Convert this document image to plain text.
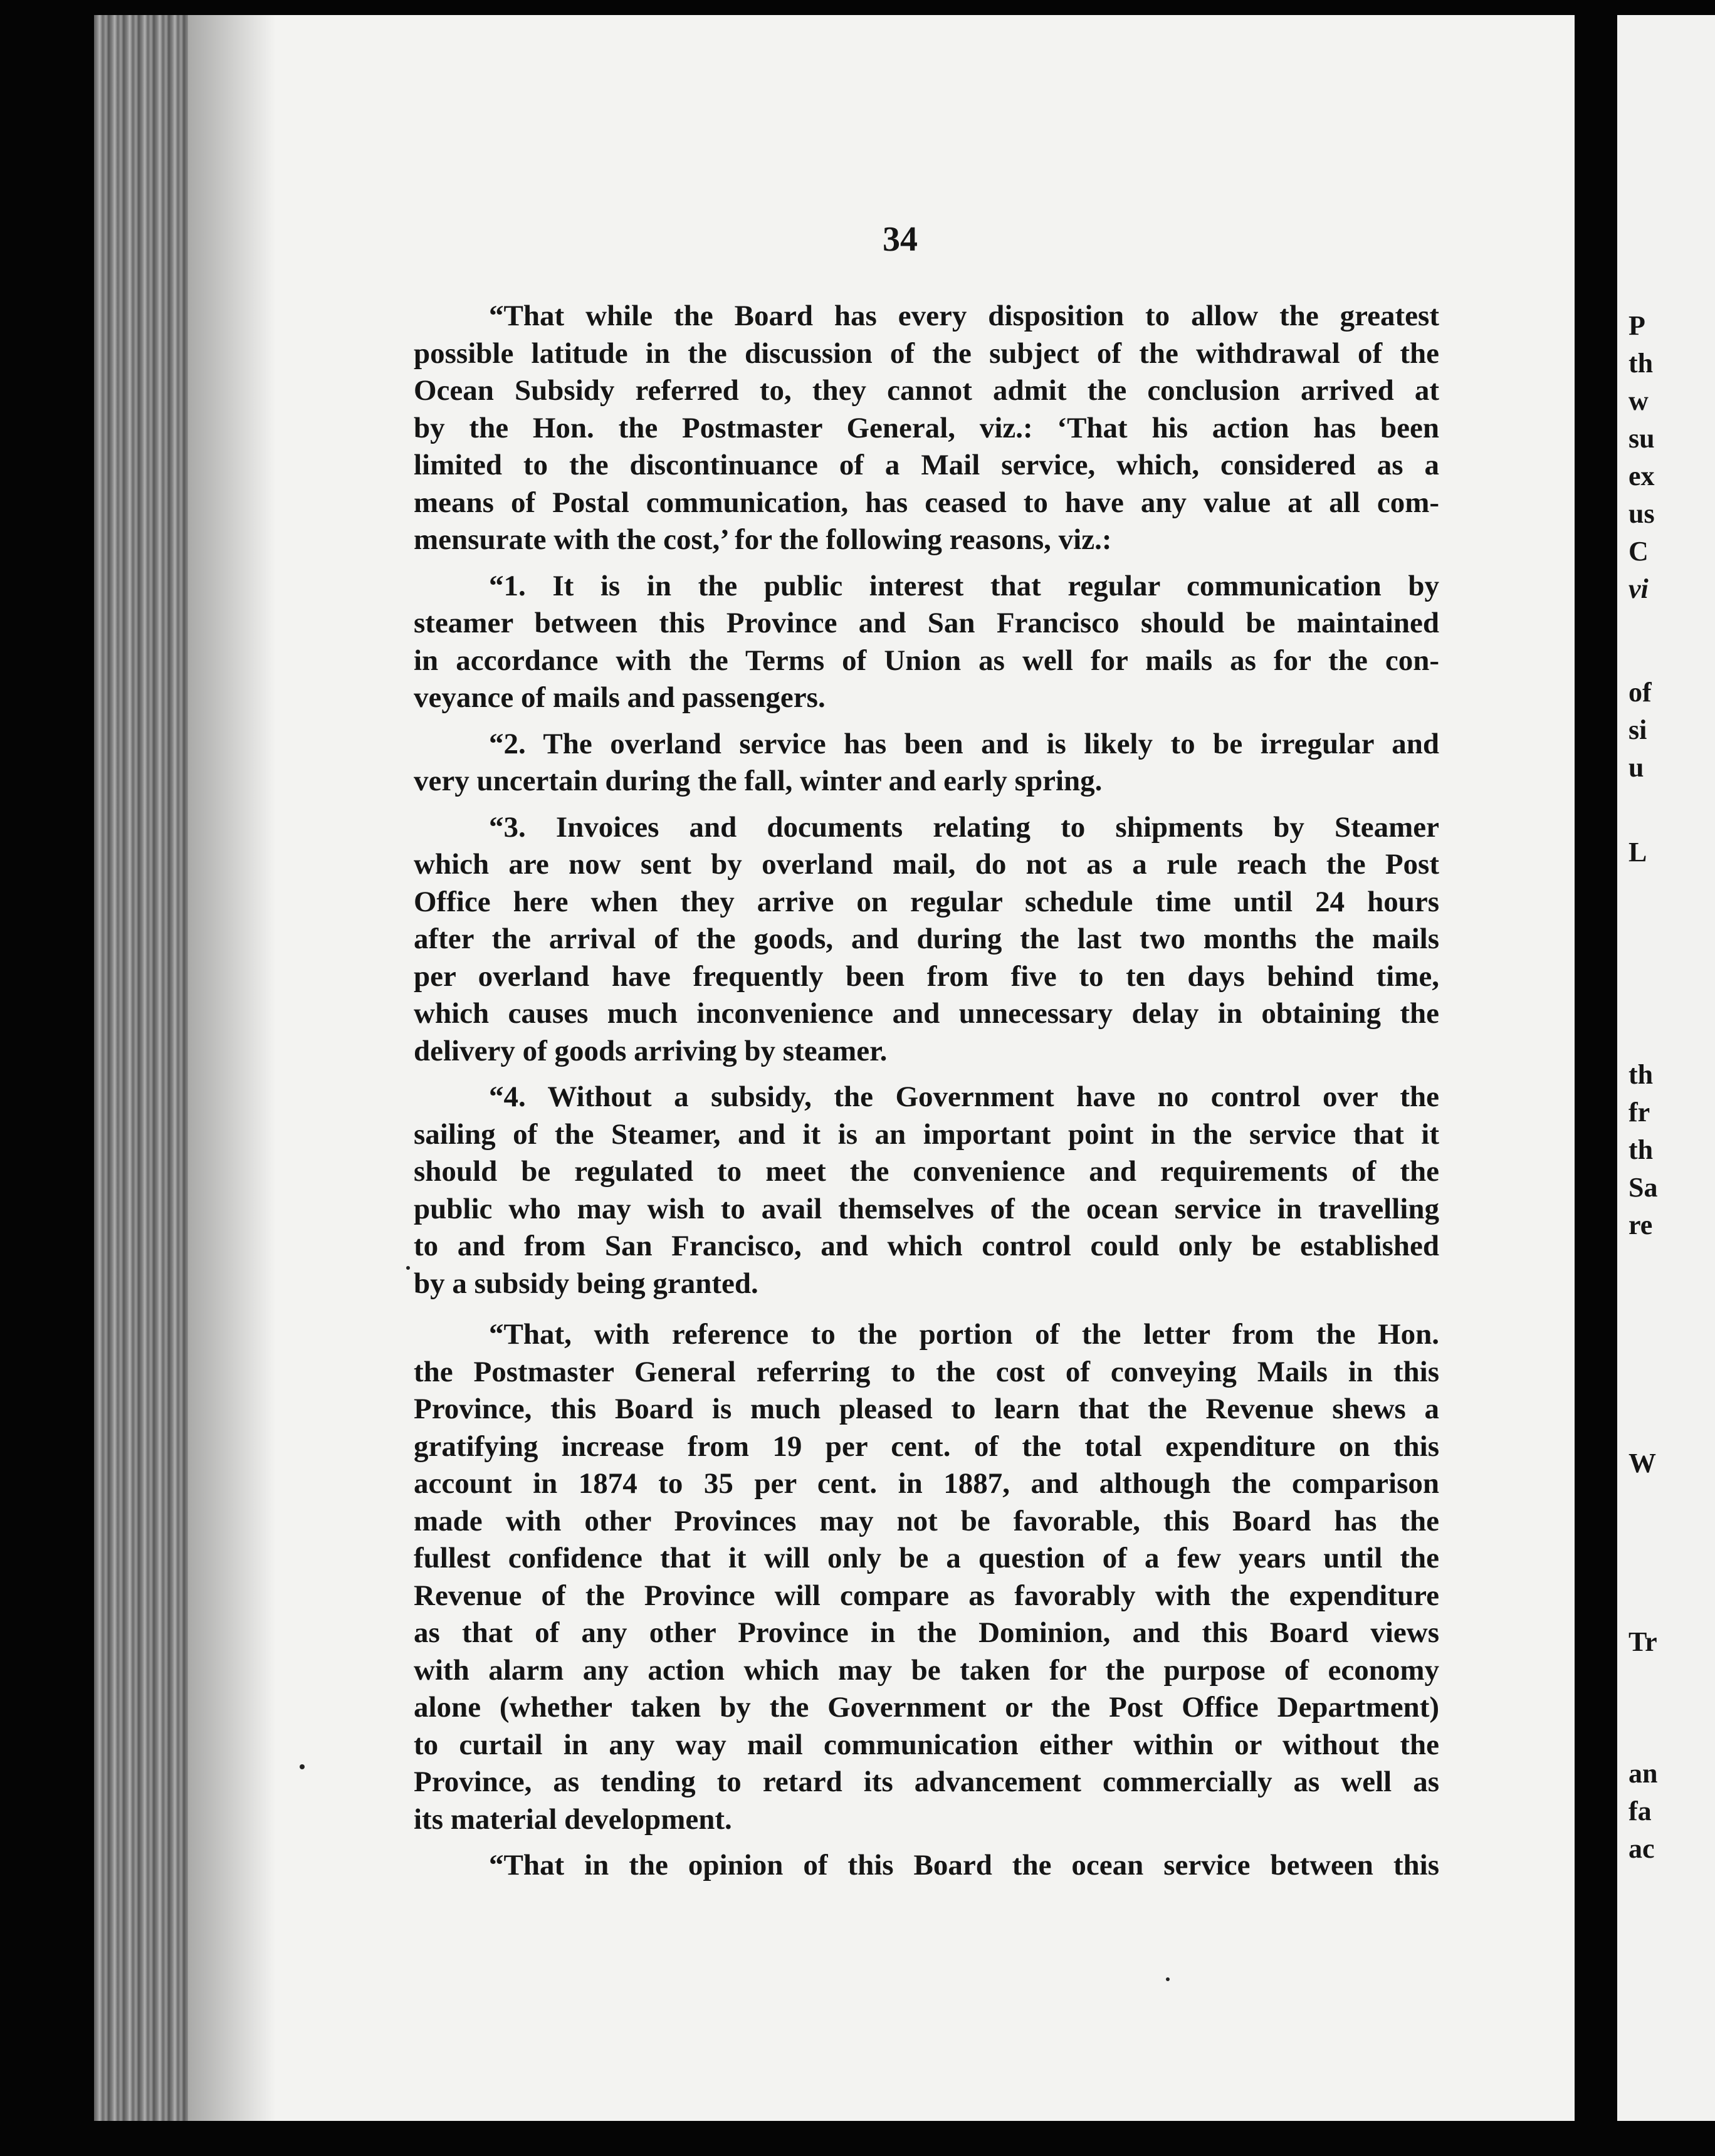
34
“That while the Board has every disposition to allow the greatest
possible latitude in the discussion of the subject of the withdrawal of the
Ocean Subsidy referred to, they cannot admit the conclusion arrived at
by the Hon. the Postmaster General, viz.: ‘That his action has been
limited to the discontinuance of a Mail service, which, considered as a
means of Postal communication, has ceased to have any value at all com-
mensurate with the cost,’ for the following reasons, viz.:
“1. It is in the public interest that regular communication by
steamer between this Province and San Francisco should be maintained
in accordance with the Terms of Union as well for mails as for the con-
veyance of mails and passengers.
“2. The overland service has been and is likely to be irregular and
very uncertain during the fall, winter and early spring.
“3. Invoices and documents relating to shipments by Steamer
which are now sent by overland mail, do not as a rule reach the Post
Office here when they arrive on regular schedule time until 24 hours
after the arrival of the goods, and during the last two months the mails
per overland have frequently been from five to ten days behind time,
which causes much inconvenience and unnecessary delay in obtaining the
delivery of goods arriving by steamer.
“4. Without a subsidy, the Government have no control over the
sailing of the Steamer, and it is an important point in the service that it
should be regulated to meet the convenience and requirements of the
public who may wish to avail themselves of the ocean service in travelling
to and from San Francisco, and which control could only be established
by a subsidy being granted.
“That, with reference to the portion of the letter from the Hon.
the Postmaster General referring to the cost of conveying Mails in this
Province, this Board is much pleased to learn that the Revenue shews a
gratifying increase from 19 per cent. of the total expenditure on this
account in 1874 to 35 per cent. in 1887, and although the comparison
made with other Provinces may not be favorable, this Board has the
fullest confidence that it will only be a question of a few years until the
Revenue of the Province will compare as favorably with the expenditure
as that of any other Province in the Dominion, and this Board views
with alarm any action which may be taken for the purpose of economy
alone (whether taken by the Government or the Post Office Department)
to curtail in any way mail communication either within or without the
Province, as tending to retard its advancement commercially as well as
its material development.
“That in the opinion of this Board the ocean service between this
P
th
w
su
ex
us
C
vi
of
si
u
L
th
fr
th
Sa
re
W
Tr
an
fa
ac
